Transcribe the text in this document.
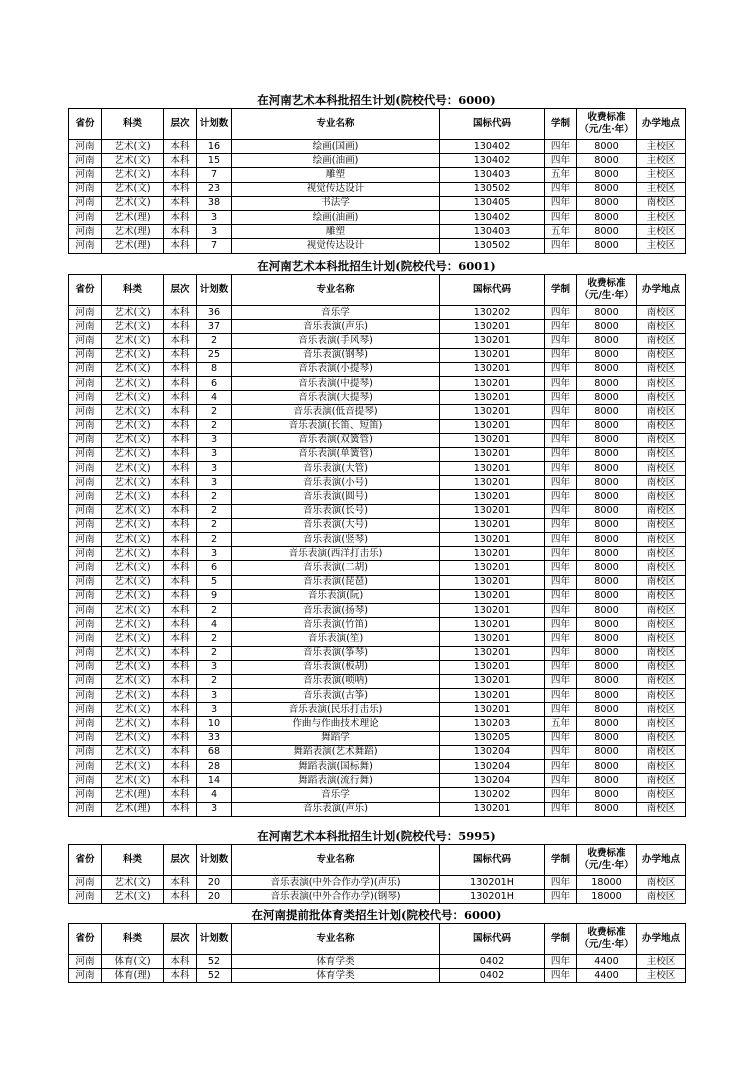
在河南艺术本科批招生计划(院校代号：6000)
省份	科类	层次	计划数	专业名称	国标代码	学制	收费标准（元/生·年）	办学地点
河南	艺术(文)	本科	16	绘画(国画)	130402	四年	8000	主校区
河南	艺术(文)	本科	15	绘画(油画)	130402	四年	8000	主校区
河南	艺术(文)	本科	7	雕塑	130403	五年	8000	主校区
河南	艺术(文)	本科	23	视觉传达设计	130502	四年	8000	主校区
河南	艺术(文)	本科	38	书法学	130405	四年	8000	南校区
河南	艺术(理)	本科	3	绘画(油画)	130402	四年	8000	主校区
河南	艺术(理)	本科	3	雕塑	130403	五年	8000	主校区
河南	艺术(理)	本科	7	视觉传达设计	130502	四年	8000	主校区
在河南艺术本科批招生计划(院校代号：6001)
省份	科类	层次	计划数	专业名称	国标代码	学制	收费标准（元/生·年）	办学地点
河南	艺术(文)	本科	36	音乐学	130202	四年	8000	南校区
河南	艺术(文)	本科	37	音乐表演(声乐)	130201	四年	8000	南校区
河南	艺术(文)	本科	2	音乐表演(手风琴)	130201	四年	8000	南校区
河南	艺术(文)	本科	25	音乐表演(钢琴)	130201	四年	8000	南校区
河南	艺术(文)	本科	8	音乐表演(小提琴)	130201	四年	8000	南校区
河南	艺术(文)	本科	6	音乐表演(中提琴)	130201	四年	8000	南校区
河南	艺术(文)	本科	4	音乐表演(大提琴)	130201	四年	8000	南校区
河南	艺术(文)	本科	2	音乐表演(低音提琴)	130201	四年	8000	南校区
河南	艺术(文)	本科	2	音乐表演(长笛、短笛)	130201	四年	8000	南校区
河南	艺术(文)	本科	3	音乐表演(双簧管)	130201	四年	8000	南校区
河南	艺术(文)	本科	3	音乐表演(单簧管)	130201	四年	8000	南校区
河南	艺术(文)	本科	3	音乐表演(大管)	130201	四年	8000	南校区
河南	艺术(文)	本科	3	音乐表演(小号)	130201	四年	8000	南校区
河南	艺术(文)	本科	2	音乐表演(圆号)	130201	四年	8000	南校区
河南	艺术(文)	本科	2	音乐表演(长号)	130201	四年	8000	南校区
河南	艺术(文)	本科	2	音乐表演(大号)	130201	四年	8000	南校区
河南	艺术(文)	本科	2	音乐表演(竖琴)	130201	四年	8000	南校区
河南	艺术(文)	本科	3	音乐表演(西洋打击乐)	130201	四年	8000	南校区
河南	艺术(文)	本科	6	音乐表演(二胡)	130201	四年	8000	南校区
河南	艺术(文)	本科	5	音乐表演(琵琶)	130201	四年	8000	南校区
河南	艺术(文)	本科	9	音乐表演(阮)	130201	四年	8000	南校区
河南	艺术(文)	本科	2	音乐表演(扬琴)	130201	四年	8000	南校区
河南	艺术(文)	本科	4	音乐表演(竹笛)	130201	四年	8000	南校区
河南	艺术(文)	本科	2	音乐表演(笙)	130201	四年	8000	南校区
河南	艺术(文)	本科	2	音乐表演(筝琴)	130201	四年	8000	南校区
河南	艺术(文)	本科	3	音乐表演(板胡)	130201	四年	8000	南校区
河南	艺术(文)	本科	2	音乐表演(唢呐)	130201	四年	8000	南校区
河南	艺术(文)	本科	3	音乐表演(古筝)	130201	四年	8000	南校区
河南	艺术(文)	本科	3	音乐表演(民乐打击乐)	130201	四年	8000	南校区
河南	艺术(文)	本科	10	作曲与作曲技术理论	130203	五年	8000	南校区
河南	艺术(文)	本科	33	舞蹈学	130205	四年	8000	南校区
河南	艺术(文)	本科	68	舞蹈表演(艺术舞蹈)	130204	四年	8000	南校区
河南	艺术(文)	本科	28	舞蹈表演(国标舞)	130204	四年	8000	南校区
河南	艺术(文)	本科	14	舞蹈表演(流行舞)	130204	四年	8000	南校区
河南	艺术(理)	本科	4	音乐学	130202	四年	8000	南校区
河南	艺术(理)	本科	3	音乐表演(声乐)	130201	四年	8000	南校区
在河南艺术本科批招生计划(院校代号：5995)
省份	科类	层次	计划数	专业名称	国标代码	学制	收费标准（元/生·年）	办学地点
河南	艺术(文)	本科	20	音乐表演(中外合作办学)(声乐)	130201H	四年	18000	南校区
河南	艺术(文)	本科	20	音乐表演(中外合作办学)(钢琴)	130201H	四年	18000	南校区
在河南提前批体育类招生计划(院校代号：6000)
省份	科类	层次	计划数	专业名称	国标代码	学制	收费标准（元/生·年）	办学地点
河南	体育(文)	本科	52	体育学类	0402	四年	4400	主校区
河南	体育(理)	本科	52	体育学类	0402	四年	4400	主校区
